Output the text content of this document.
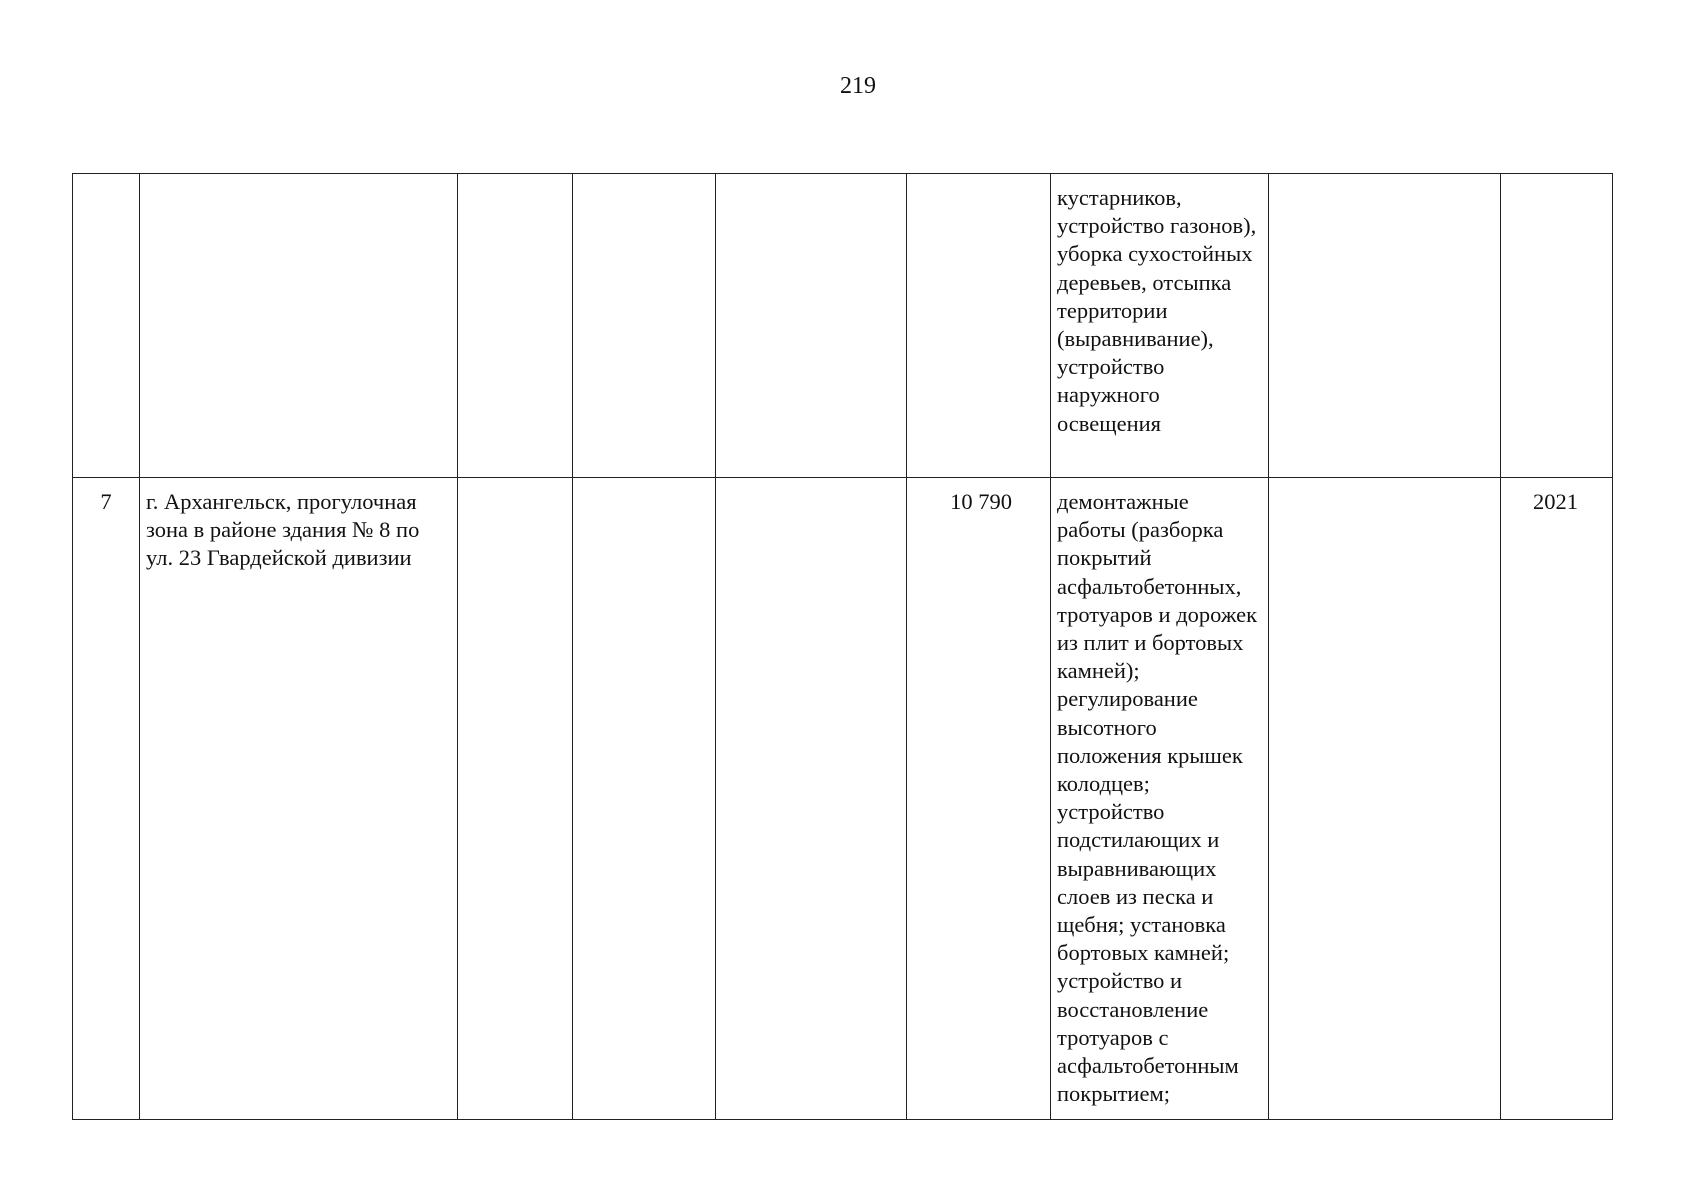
219
						кустарников, устройство газонов), уборка сухостойных деревьев, отсыпка территории (выравнивание), устройство наружного освещения		
7	г. Архангельск, прогулочная зона в районе здания № 8 по ул. 23 Гвардейской дивизии				10 790	демонтажные работы (разборка покрытий асфальтобетонных, тротуаров и дорожек из плит и бортовых камней); регулирование высотного положения крышек колодцев; устройство подстилающих и выравнивающих слоев из песка и щебня; установка бортовых камней; устройство и восстановление тротуаров с асфальтобетонным покрытием;		2021
